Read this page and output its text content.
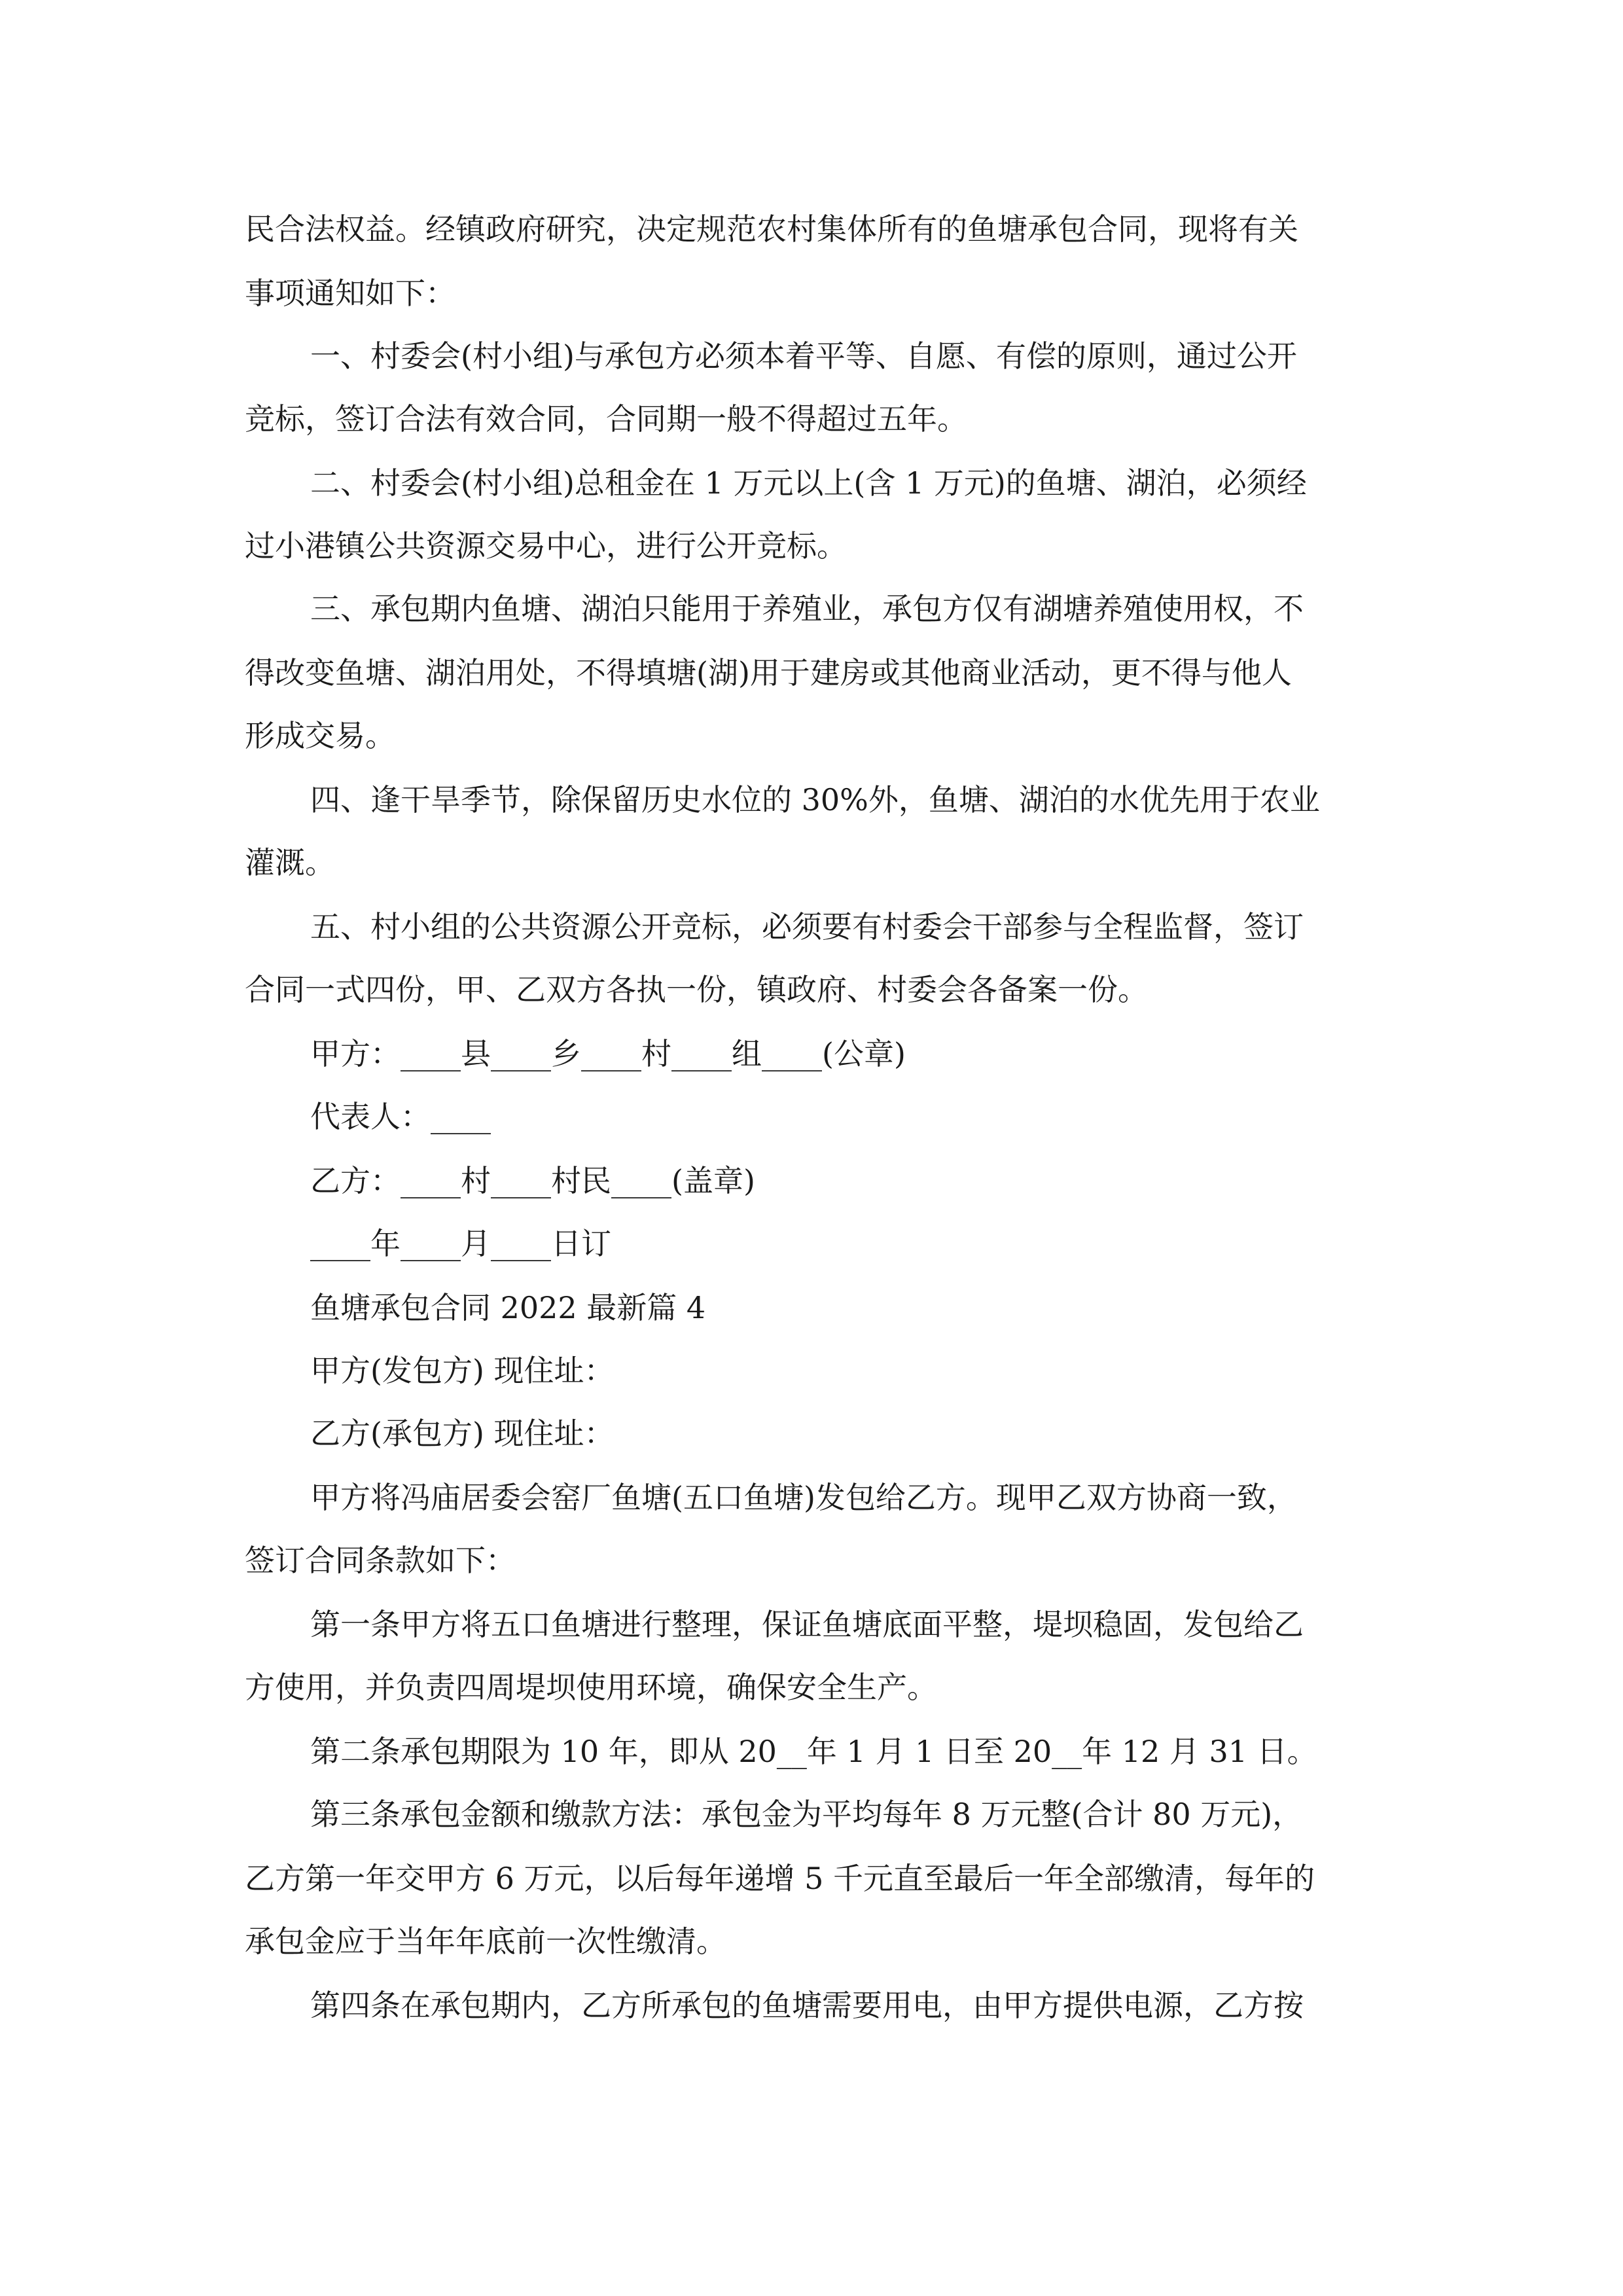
民合法权益。经镇政府研究，决定规范农村集体所有的鱼塘承包合同，现将有关
事项通知如下：
一、村委会(村小组)与承包方必须本着平等、自愿、有偿的原则，通过公开
竞标，签订合法有效合同，合同期一般不得超过五年。
二、村委会(村小组)总租金在 1 万元以上(含 1 万元)的鱼塘、湖泊，必须经
过小港镇公共资源交易中心，进行公开竞标。
三、承包期内鱼塘、湖泊只能用于养殖业，承包方仅有湖塘养殖使用权，不
得改变鱼塘、湖泊用处，不得填塘(湖)用于建房或其他商业活动，更不得与他人
形成交易。
四、逢干旱季节，除保留历史水位的 30%外，鱼塘、湖泊的水优先用于农业
灌溉。
五、村小组的公共资源公开竞标，必须要有村委会干部参与全程监督，签订
合同一式四份，甲、乙双方各执一份，镇政府、村委会各备案一份。
甲方：____县____乡____村____组____(公章)
代表人：____
乙方：____村____村民____(盖章)
____年____月____日订
鱼塘承包合同 2022 最新篇 4
甲方(发包方) 现住址：
乙方(承包方) 现住址：
甲方将冯庙居委会窑厂鱼塘(五口鱼塘)发包给乙方。现甲乙双方协商一致，
签订合同条款如下：
第一条甲方将五口鱼塘进行整理，保证鱼塘底面平整，堤坝稳固，发包给乙
方使用，并负责四周堤坝使用环境，确保安全生产。
第二条承包期限为 10 年，即从 20__年 1 月 1 日至 20__年 12 月 31 日。
第三条承包金额和缴款方法：承包金为平均每年 8 万元整(合计 80 万元)，
乙方第一年交甲方 6 万元，以后每年递增 5 千元直至最后一年全部缴清，每年的
承包金应于当年年底前一次性缴清。
第四条在承包期内，乙方所承包的鱼塘需要用电，由甲方提供电源，乙方按
